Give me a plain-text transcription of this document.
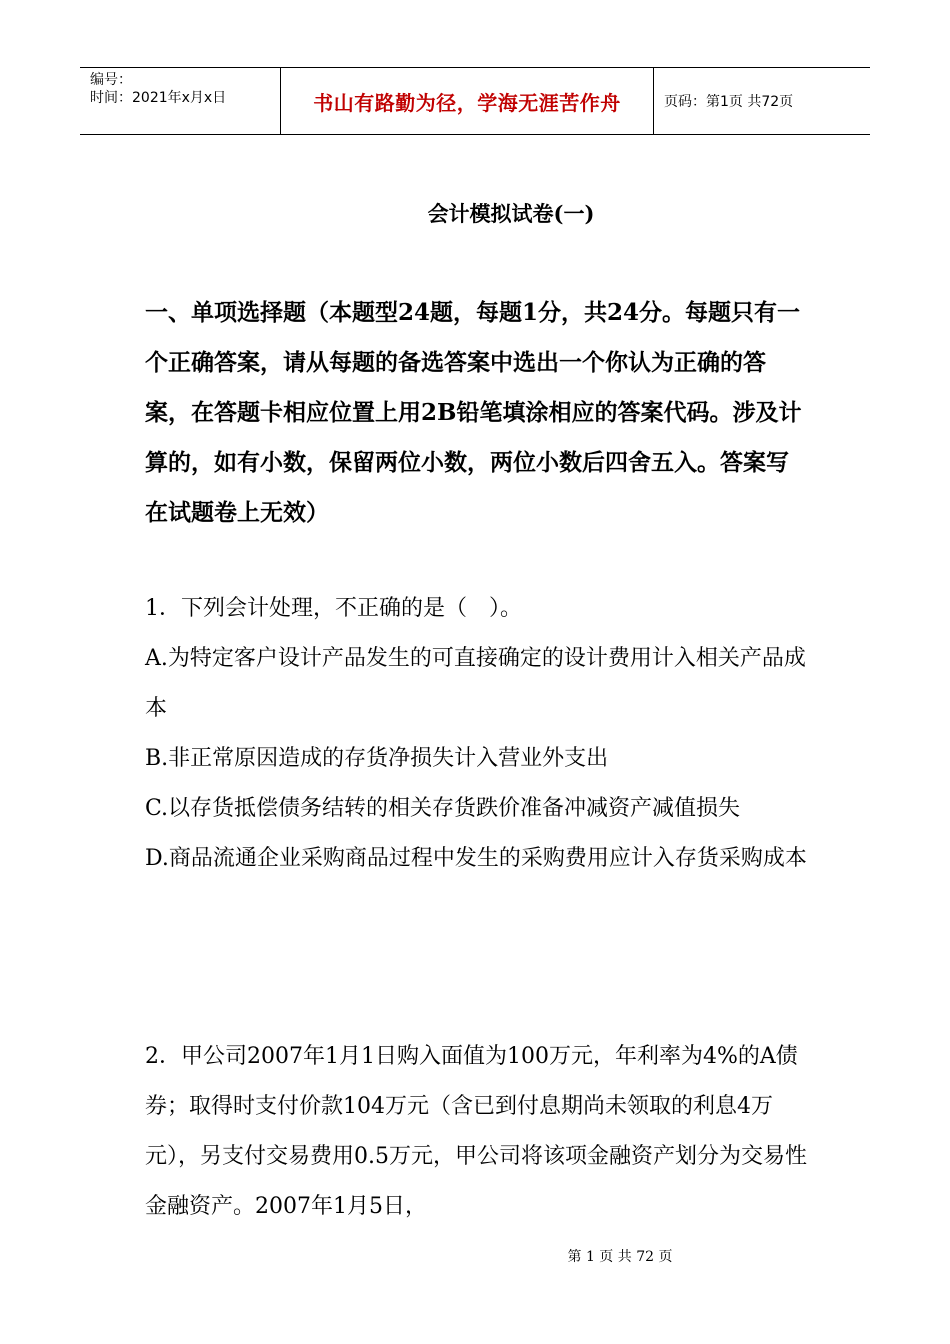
编号：
时间：2021年x月x日	书山有路勤为径，学海无涯苦作舟	页码：第1页 共72页
会计模拟试卷(一)
一、单项选择题（本题型24题，每题1分，共24分。每题只有一个正确答案，请从每题的备选答案中选出一个你认为正确的答案，在答题卡相应位置上用2B铅笔填涂相应的答案代码。涉及计算的，如有小数，保留两位小数，两位小数后四舍五入。答案写在试题卷上无效）

1．下列会计处理，不正确的是（　）。

A.为特定客户设计产品发生的可直接确定的设计费用计入相关产品成本

B.非正常原因造成的存货净损失计入营业外支出

C.以存货抵偿债务结转的相关存货跌价准备冲减资产减值损失

D.商品流通企业采购商品过程中发生的采购费用应计入存货采购成本

2．甲公司2007年1月1日购入面值为100万元，年利率为4%的A债券；取得时支付价款104万元（含已到付息期尚未领取的利息4万元），另支付交易费用0.5万元，甲公司将该项金融资产划分为交易性金融资产。2007年1月5日，

第 1 页 共 72 页
